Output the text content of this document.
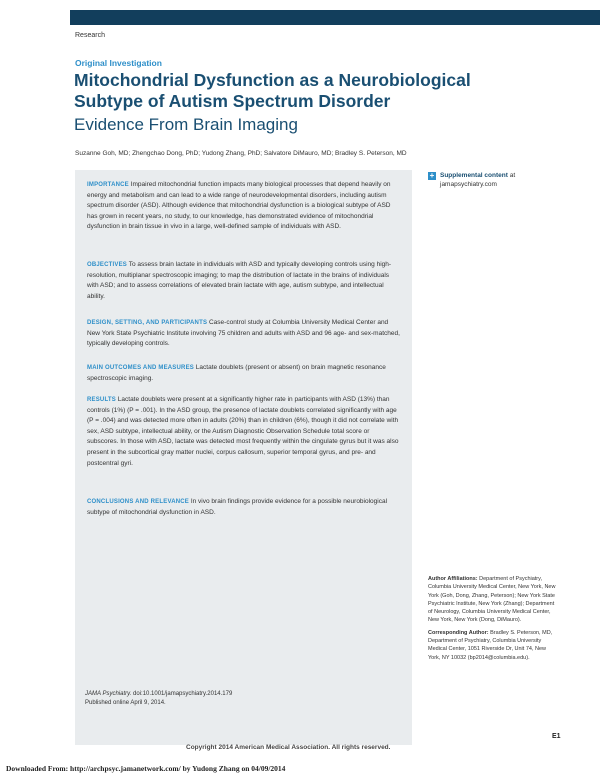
Research
Original Investigation
Mitochondrial Dysfunction as a Neurobiological Subtype of Autism Spectrum Disorder
Evidence From Brain Imaging
Suzanne Goh, MD; Zhengchao Dong, PhD; Yudong Zhang, PhD; Salvatore DiMauro, MD; Bradley S. Peterson, MD
IMPORTANCE Impaired mitochondrial function impacts many biological processes that depend heavily on energy and metabolism and can lead to a wide range of neurodevelopmental disorders, including autism spectrum disorder (ASD). Although evidence that mitochondrial dysfunction is a biological subtype of ASD has grown in recent years, no study, to our knowledge, has demonstrated evidence of mitochondrial dysfunction in brain tissue in vivo in a large, well-defined sample of individuals with ASD.
OBJECTIVES To assess brain lactate in individuals with ASD and typically developing controls using high-resolution, multiplanar spectroscopic imaging; to map the distribution of lactate in the brains of individuals with ASD; and to assess correlations of elevated brain lactate with age, autism subtype, and intellectual ability.
DESIGN, SETTING, AND PARTICIPANTS Case-control study at Columbia University Medical Center and New York State Psychiatric Institute involving 75 children and adults with ASD and 96 age- and sex-matched, typically developing controls.
MAIN OUTCOMES AND MEASURES Lactate doublets (present or absent) on brain magnetic resonance spectroscopic imaging.
RESULTS Lactate doublets were present at a significantly higher rate in participants with ASD (13%) than controls (1%) (P = .001). In the ASD group, the presence of lactate doublets correlated significantly with age (P = .004) and was detected more often in adults (20%) than in children (6%), though it did not correlate with sex, ASD subtype, intellectual ability, or the Autism Diagnostic Observation Schedule total score or subscores. In those with ASD, lactate was detected most frequently within the cingulate gyrus but it was also present in the subcortical gray matter nuclei, corpus callosum, superior temporal gyrus, and pre- and postcentral gyri.
CONCLUSIONS AND RELEVANCE In vivo brain findings provide evidence for a possible neurobiological subtype of mitochondrial dysfunction in ASD.
JAMA Psychiatry. doi:10.1001/jamapsychiatry.2014.179
Published online April 9, 2014.
+ Supplemental content at jamapsychiatry.com
Author Affiliations: Department of Psychiatry, Columbia University Medical Center, New York, New York (Goh, Dong, Zhang, Peterson); New York State Psychiatric Institute, New York (Zhang); Department of Neurology, Columbia University Medical Center, New York, New York (Dong, DiMauro).
Corresponding Author: Bradley S. Peterson, MD, Department of Psychiatry, Columbia University Medical Center, 1051 Riverside Dr, Unit 74, New York, NY 10032 (bp2014@columbia.edu).
E1
Copyright 2014 American Medical Association. All rights reserved.
Downloaded From: http://archpsyc.jamanetwork.com/ by Yudong Zhang on 04/09/2014
